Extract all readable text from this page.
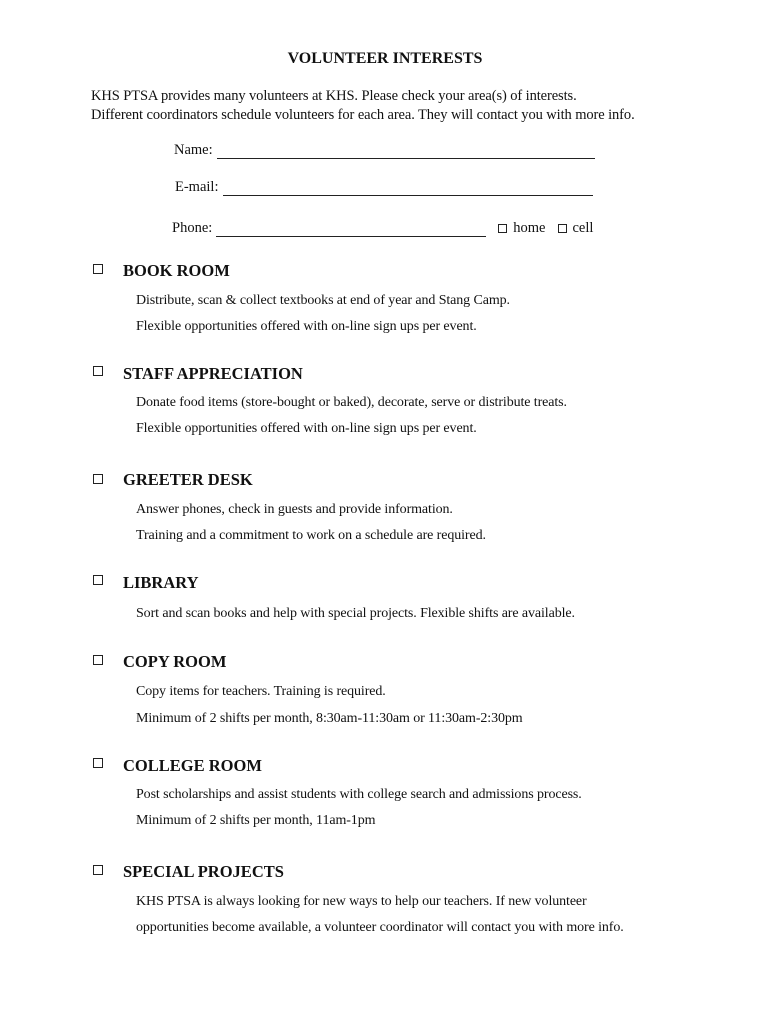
VOLUNTEER INTERESTS
KHS PTSA provides many volunteers at KHS. Please check your area(s) of interests.
Different coordinators schedule volunteers for each area. They will contact you with more info.
Name:
E-mail:
Phone:	home cell
BOOK ROOM
Distribute, scan & collect textbooks at end of year and Stang Camp.
Flexible opportunities offered with on-line sign ups per event.
STAFF APPRECIATION
Donate food items (store-bought or baked), decorate, serve or distribute treats.
Flexible opportunities offered with on-line sign ups per event.
GREETER DESK
Answer phones, check in guests and provide information.
Training and a commitment to work on a schedule are required.
LIBRARY
Sort and scan books and help with special projects. Flexible shifts are available.
COPY ROOM
Copy items for teachers. Training is required.
Minimum of 2 shifts per month, 8:30am-11:30am or 11:30am-2:30pm
COLLEGE ROOM
Post scholarships and assist students with college search and admissions process.
Minimum of 2 shifts per month, 11am-1pm
SPECIAL PROJECTS
KHS PTSA is always looking for new ways to help our teachers. If new volunteer
opportunities become available, a volunteer coordinator will contact you with more info.
